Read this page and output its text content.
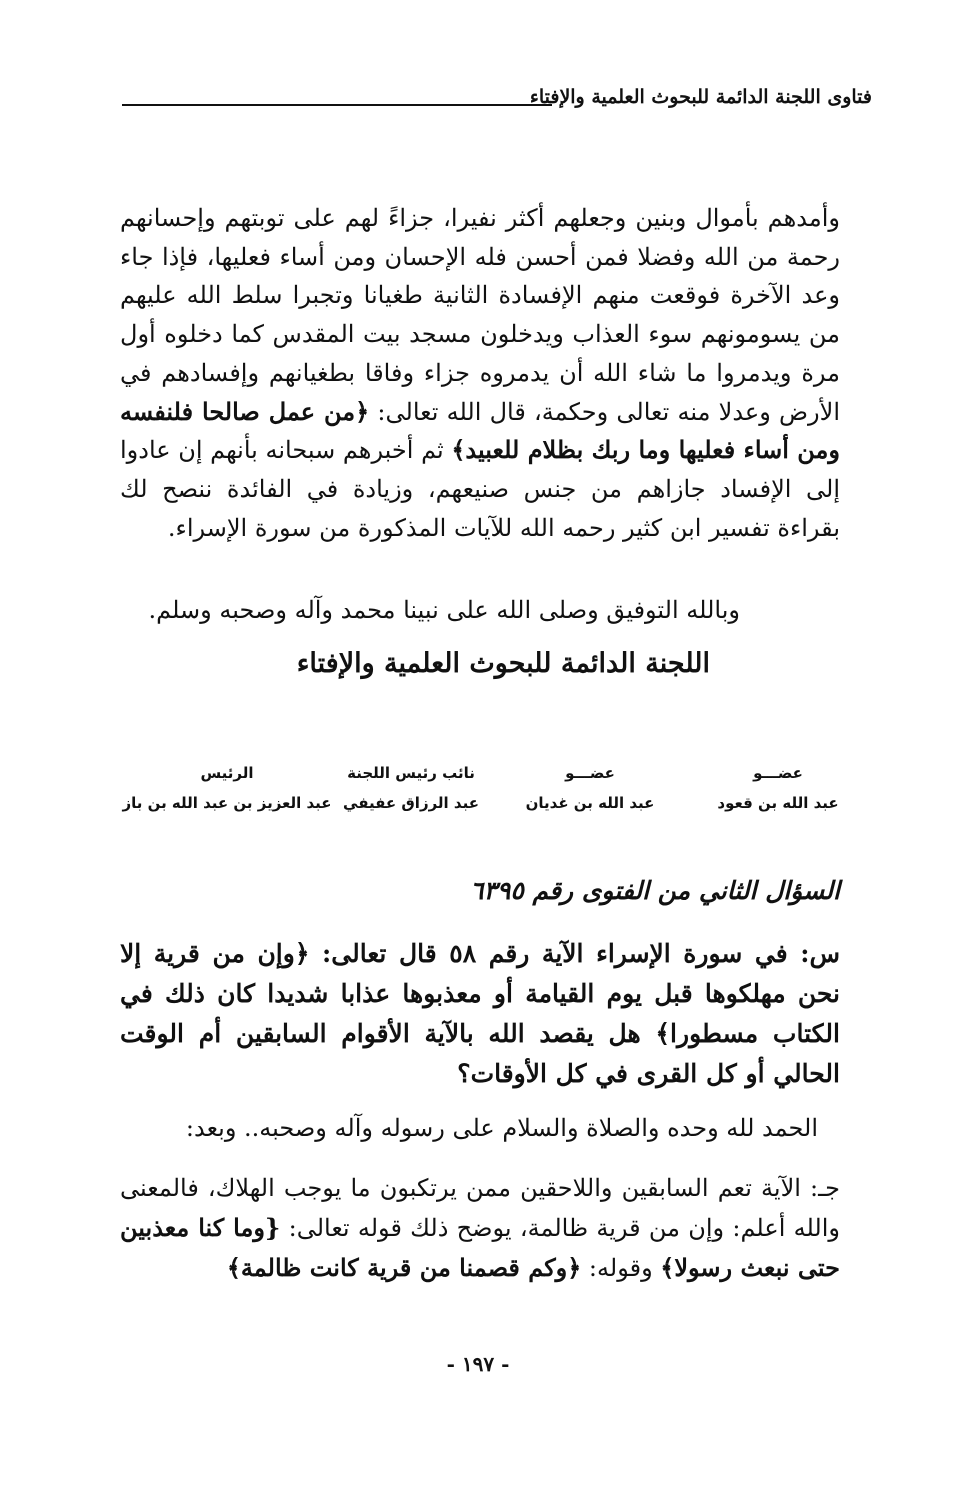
فتاوى اللجنة الدائمة للبحوث العلمية والإفتاء

وأمدهم بأموال وبنين وجعلهم أكثر نفيرا، جزاءً لهم على توبتهم وإحسانهم رحمة من الله وفضلا فمن أحسن فله الإحسان ومن أساء فعليها، فإذا جاء وعد الآخرة فوقعت منهم الإفسادة الثانية طغيانا وتجبرا سلط الله عليهم من يسومونهم سوء العذاب ويدخلون مسجد بيت المقدس كما دخلوه أول مرة ويدمروا ما شاء الله أن يدمروه جزاء وفاقا بطغيانهم وإفسادهم في الأرض وعدلا منه تعالى وحكمة، قال الله تعالى: ﴿من عمل صالحا فلنفسه ومن أساء فعليها وما ربك بظلام للعبيد﴾ ثم أخبرهم سبحانه بأنهم إن عادوا إلى الإفساد جازاهم من جنس صنيعهم، وزيادة في الفائدة ننصح لك بقراءة تفسير ابن كثير رحمه الله للآيات المذكورة من سورة الإسراء.

وبالله التوفيق وصلى الله على نبينا محمد وآله وصحبه وسلم.

اللجنة الدائمة للبحوث العلمية والإفتاء

الرئيس
عبد العزيز بن عبد الله بن باز
نائب رئيس اللجنة
عبد الرزاق عفيفي
عضـــو
عبد الله بن غديان
عضـــو
عبد الله بن قعود
السؤال الثاني من الفتوى رقم ٦٣٩٥

س: في سورة الإسراء الآية رقم ٥٨ قال تعالى: ﴿وإن من قرية إلا نحن مهلكوها قبل يوم القيامة أو معذبوها عذابا شديدا كان ذلك في الكتاب مسطورا﴾ هل يقصد الله بالآية الأقوام السابقين أم الوقت الحالي أو كل القرى في كل الأوقات؟

الحمد لله وحده والصلاة والسلام على رسوله وآله وصحبه.. وبعد:

جـ: الآية تعم السابقين واللاحقين ممن يرتكبون ما يوجب الهلاك، فالمعنى والله أعلم: وإن من قرية ظالمة، يوضح ذلك قوله تعالى: {وما كنا معذبين حتى نبعث رسولا﴾ وقوله: ﴿وكم قصمنا من قرية كانت ظالمة﴾

- ١٩٧ -
